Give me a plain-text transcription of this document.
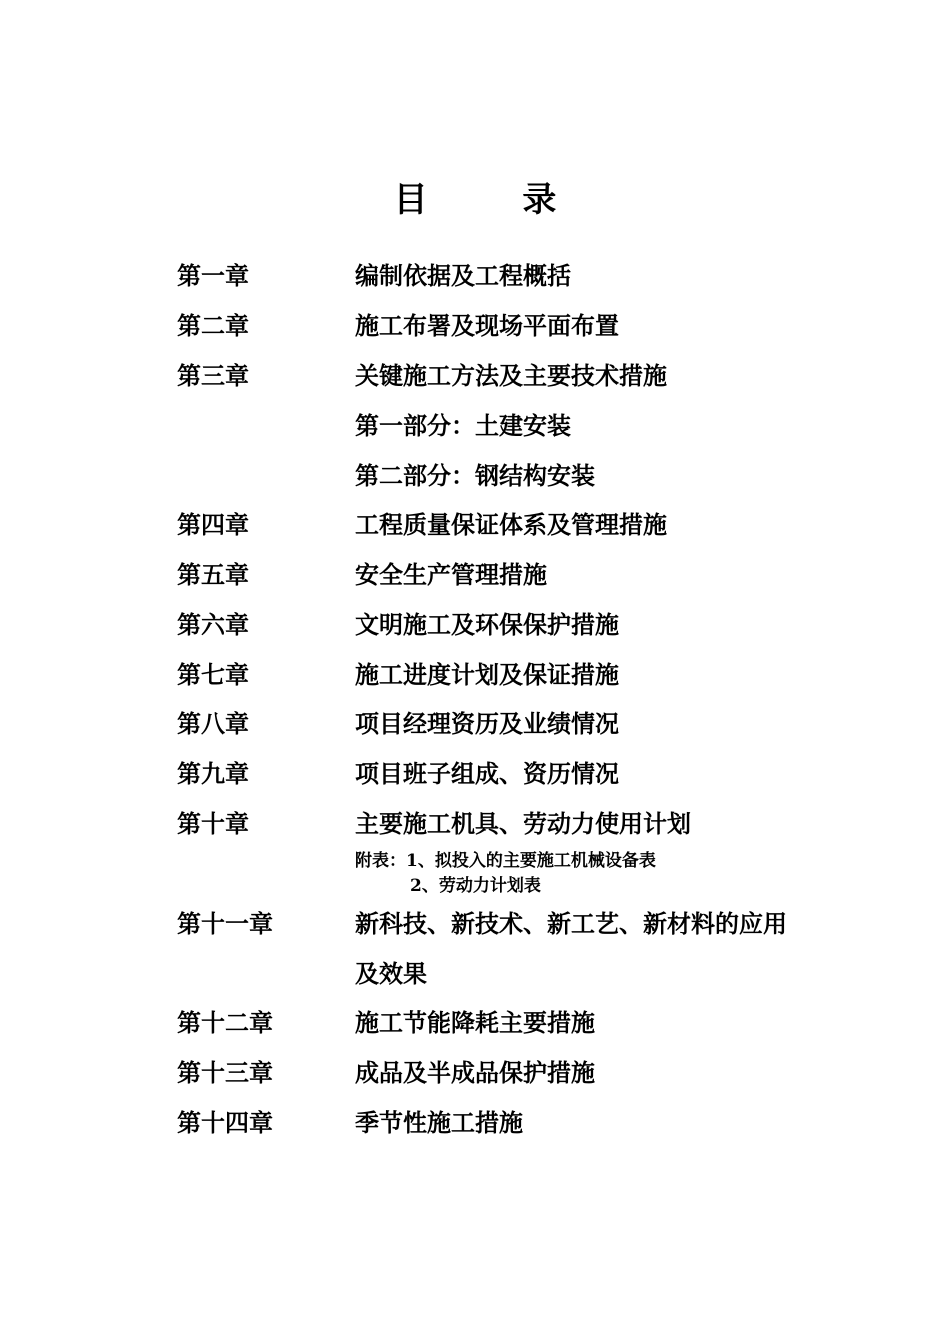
目        录
第一章	编制依据及工程概括
第二章	施工布署及现场平面布置
第三章	关键施工方法及主要技术措施
第一部分：土建安装
第二部分：钢结构安装
第四章	工程质量保证体系及管理措施
第五章	安全生产管理措施
第六章	文明施工及环保保护措施
第七章	施工进度计划及保证措施
第八章	项目经理资历及业绩情况
第九章	项目班子组成、资历情况
第十章	主要施工机具、劳动力使用计划
附表：1、拟投入的主要施工机械设备表
2、劳动力计划表
第十一章	新科技、新技术、新工艺、新材料的应用
及效果
第十二章	施工节能降耗主要措施
第十三章	成品及半成品保护措施
第十四章	季节性施工措施
